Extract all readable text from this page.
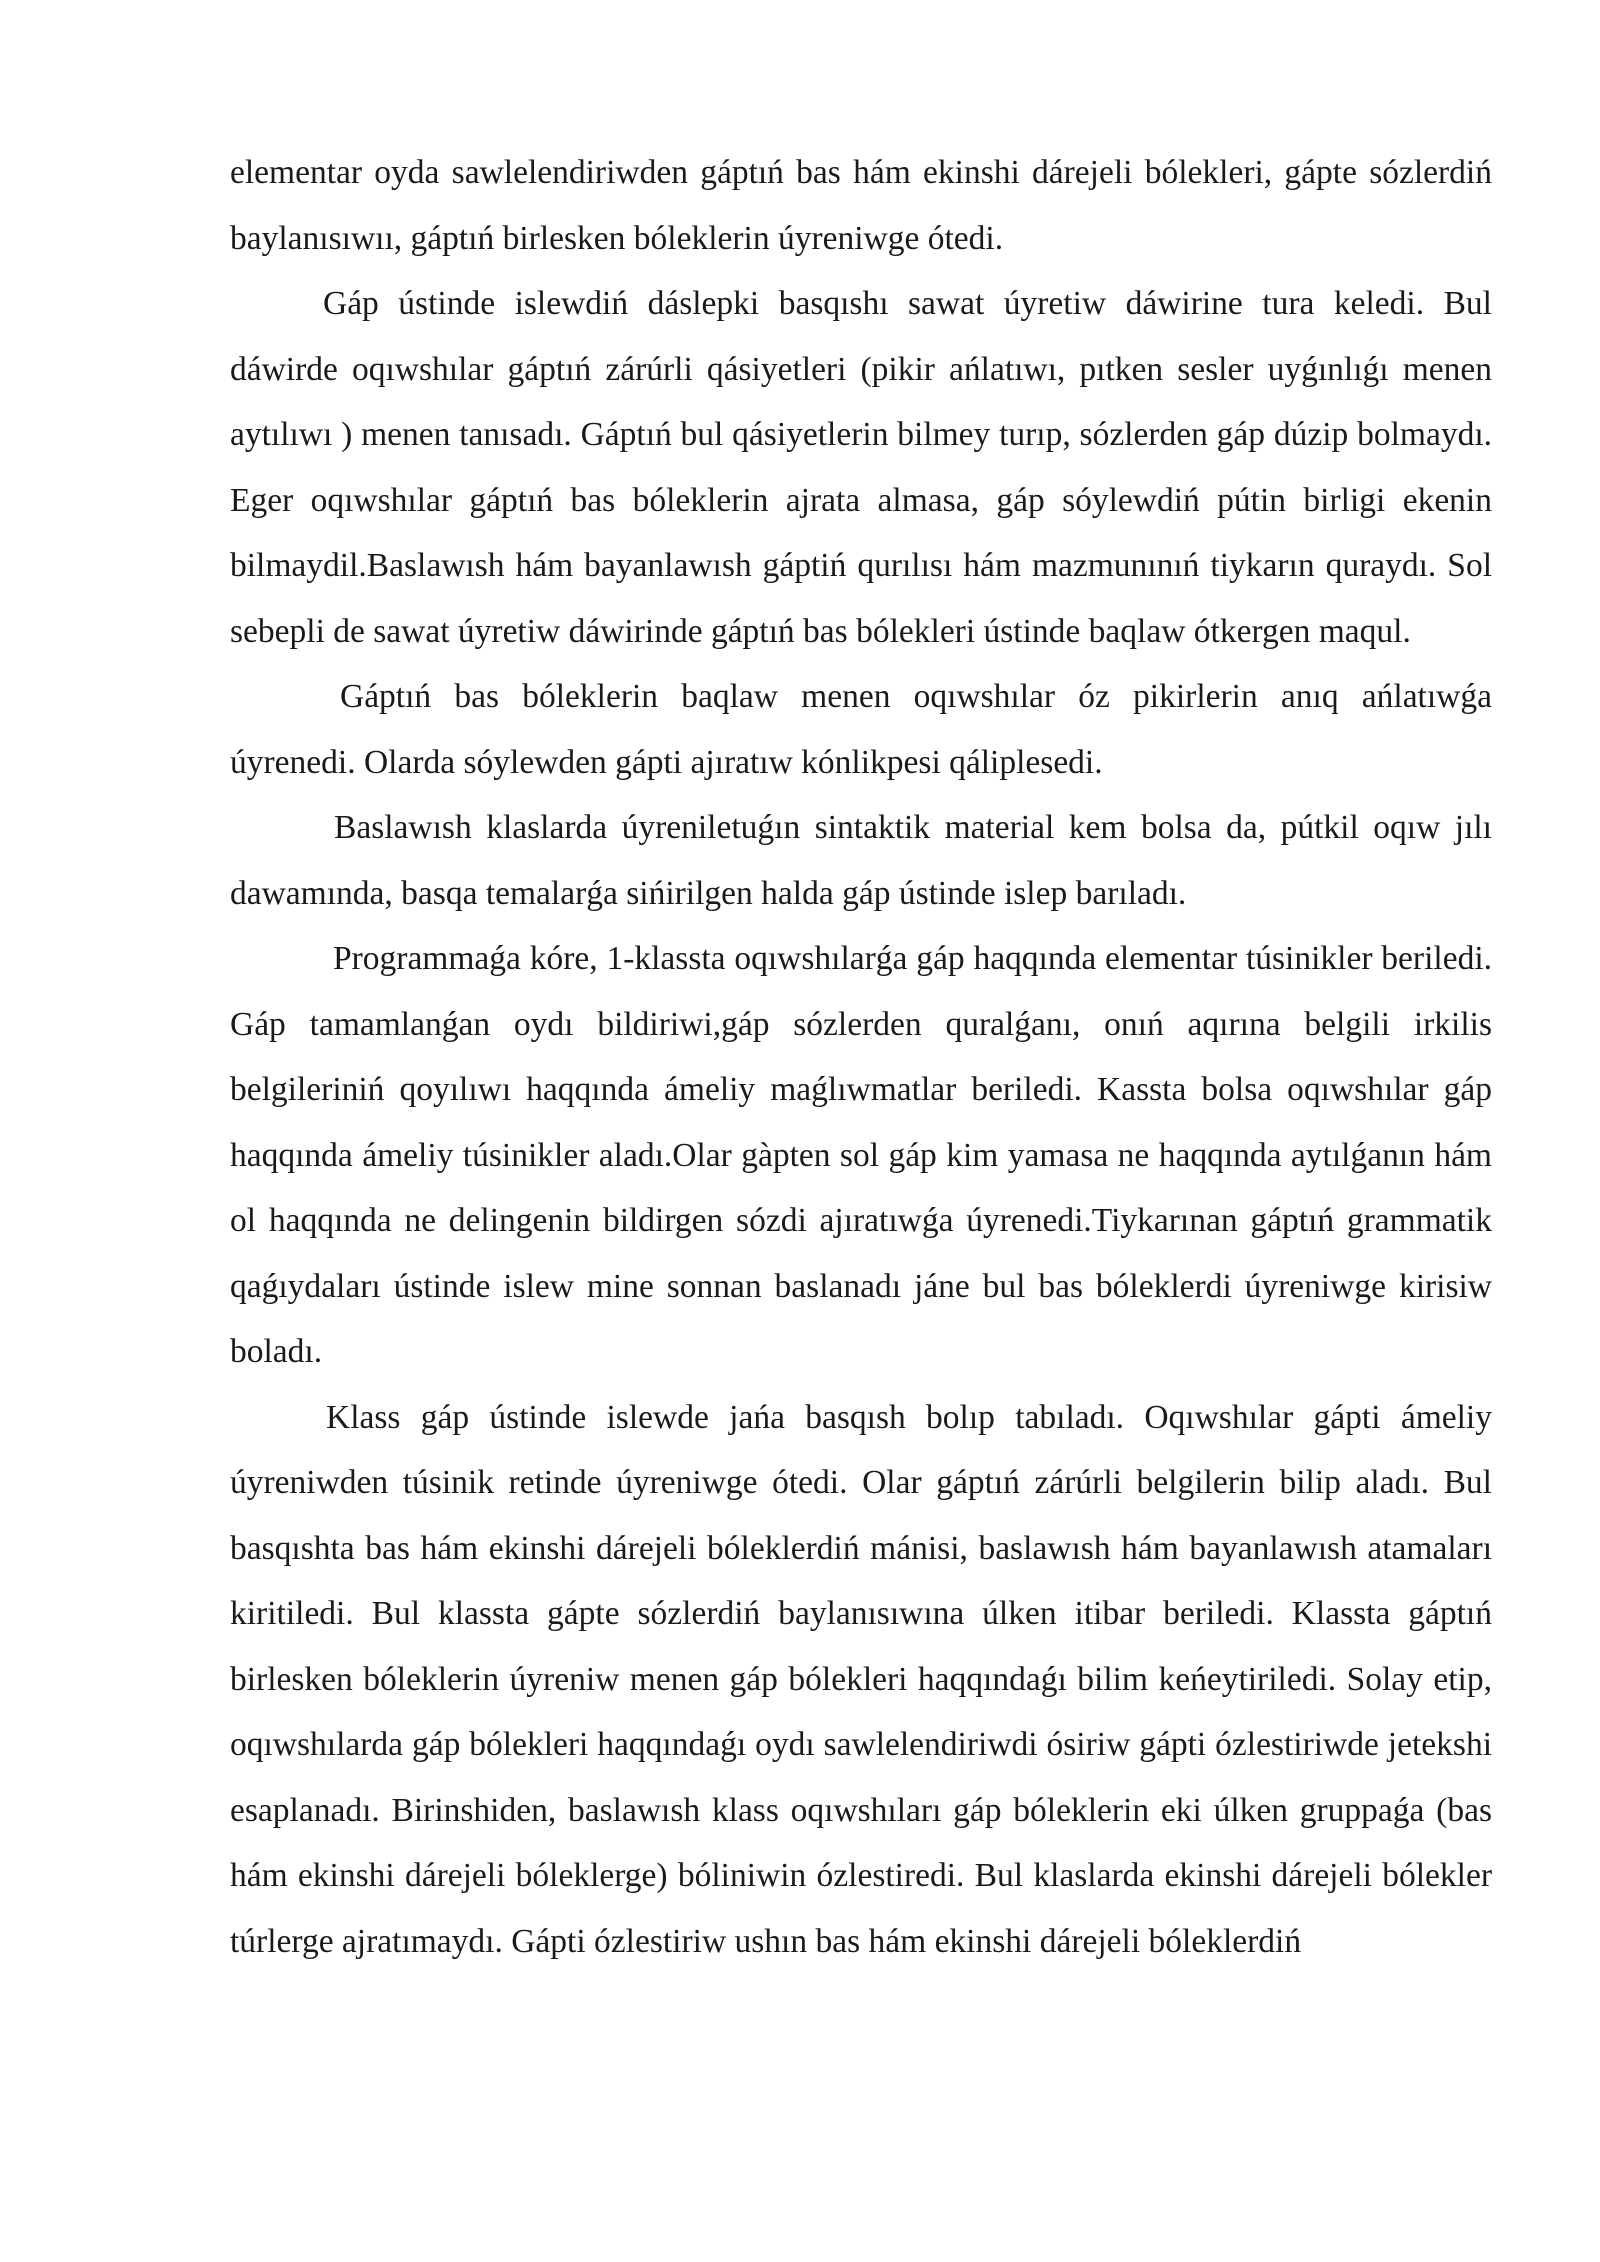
elementar oyda sawlelendiriwden gáptıń bas hám ekinshi dárejeli bólekleri, gápte sózlerdiń baylanısıwıı, gáptıń birlesken bóleklerin úyreniwge ótedi.

Gáp ústinde islewdiń dáslepki basqıshı sawat úyretiw dáwirine tura keledi. Bul dáwirde oqıwshılar gáptıń zárúrli qásiyetleri (pikir ańlatıwı, pıtken sesler uyǵınlıǵı menen aytılıwı ) menen tanısadı. Gáptıń bul qásiyetlerin bilmey turıp, sózlerden gáp dúzip bolmaydı. Eger oqıwshılar gáptıń bas bóleklerin ajrata almasa, gáp sóylewdiń pútin birligi ekenin bilmaydil.Baslawısh hám bayanlawısh gáptiń qurılısı hám mazmunınıń tiykarın quraydı. Sol sebepli de sawat úyretiw dáwirinde gáptıń bas bólekleri ústinde baqlaw ótkergen maqul.

Gáptıń bas bóleklerin baqlaw menen oqıwshılar óz pikirlerin anıq ańlatıwǵa úyrenedi. Olarda sóylewden gápti ajıratıw kónlikpesi qáliplesedi.

Baslawısh klaslarda úyreniletuǵın sintaktik material kem bolsa da, pútkil oqıw jılı dawamında, basqa temalarǵa sińirilgen halda gáp ústinde islep barıladı.

Programmaǵa kóre, 1-klassta oqıwshılarǵa gáp haqqında elementar túsinikler beriledi. Gáp tamamlanǵan oydı bildiriwi,gáp sózlerden quralǵanı, onıń aqırına belgili irkilis belgileriniń qoyılıwı haqqında ámeliy maǵlıwmatlar beriledi. Kassta bolsa oqıwshılar gáp haqqında ámeliy túsinikler aladı.Olar gàpten sol gáp kim yamasa ne haqqında aytılǵanın hám ol haqqında ne delingenin bildirgen sózdi ajıratıwǵa úyrenedi.Tiykarınan gáptıń grammatik qaǵıydaları ústinde islew mine sonnan baslanadı jáne bul bas bóleklerdi úyreniwge kirisiw boladı.

Klass gáp ústinde islewde jańa basqısh bolıp tabıladı. Oqıwshılar gápti ámeliy úyreniwden túsinik retinde úyreniwge ótedi. Olar gáptıń zárúrli belgilerin bilip aladı. Bul basqıshta bas hám ekinshi dárejeli bóleklerdiń mánisi, baslawısh hám bayanlawısh atamaları kiritiledi. Bul klassta gápte sózlerdiń baylanısıwına úlken itibar beriledi. Klassta gáptıń birlesken bóleklerin úyreniw menen gáp bólekleri haqqındaǵı bilim keńeytiriledi. Solay etip, oqıwshılarda gáp bólekleri haqqındaǵı oydı sawlelendiriwdi ósiriw gápti ózlestiriwde jetekshi esaplanadı. Birinshiden, baslawısh klass oqıwshıları gáp bóleklerin eki úlken gruppaǵa (bas hám ekinshi dárejeli bóleklerge) bóliniwin ózlestiredi. Bul klaslarda ekinshi dárejeli bólekler túrlerge ajratımaydı. Gápti ózlestiriw ushın bas hám ekinshi dárejeli bóleklerdiń
